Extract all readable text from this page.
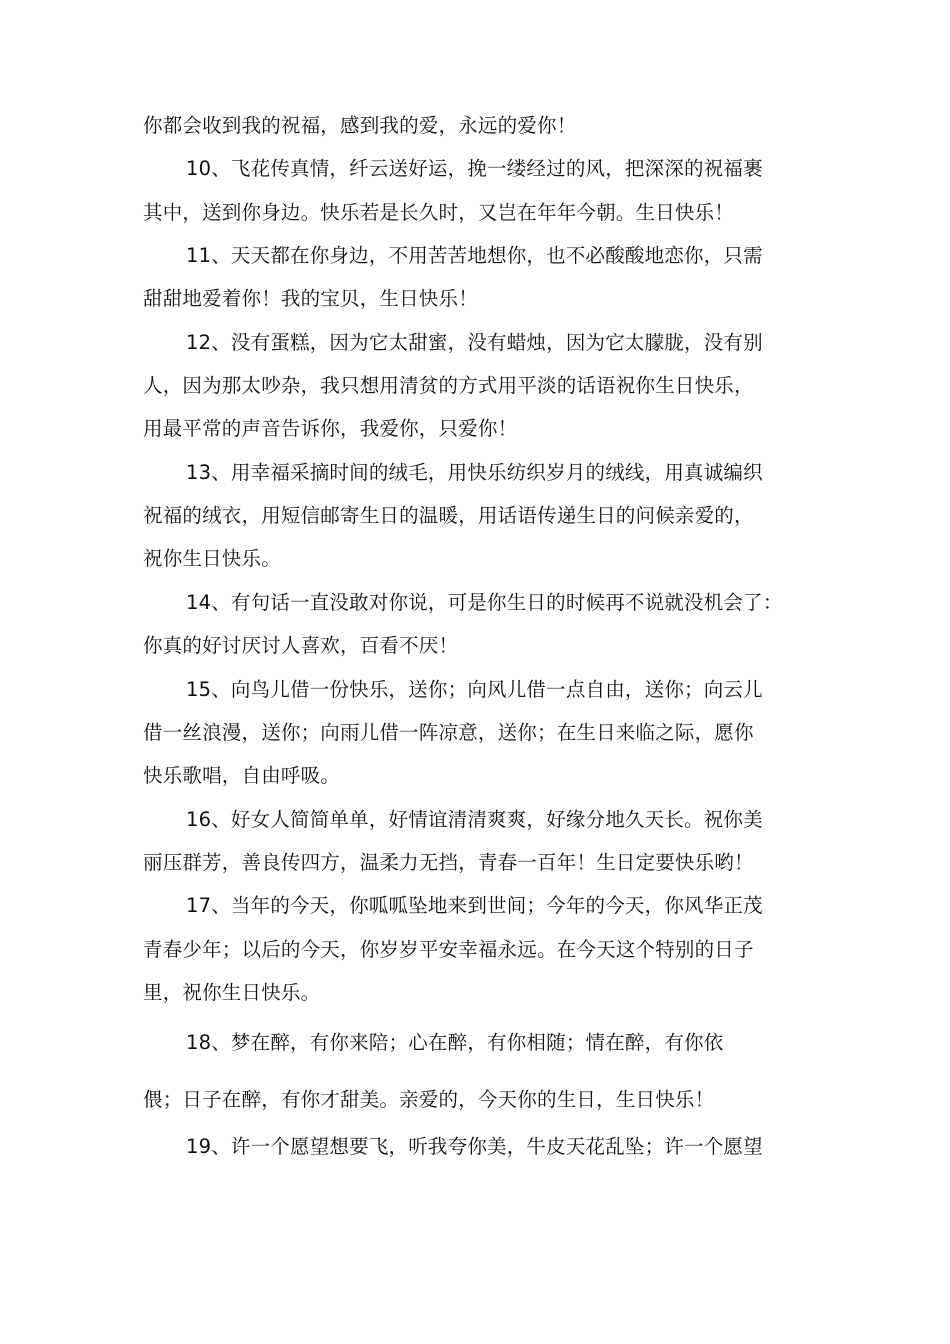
你都会收到我的祝福，感到我的爱，永远的爱你！
10、飞花传真情，纤云送好运，挽一缕经过的风，把深深的祝福裹
其中，送到你身边。快乐若是长久时，又岂在年年今朝。生日快乐！
11、天天都在你身边，不用苦苦地想你，也不必酸酸地恋你，只需
甜甜地爱着你！我的宝贝，生日快乐！
12、没有蛋糕，因为它太甜蜜，没有蜡烛，因为它太朦胧，没有别
人，因为那太吵杂，我只想用清贫的方式用平淡的话语祝你生日快乐，
用最平常的声音告诉你，我爱你，只爱你！
13、用幸福采摘时间的绒毛，用快乐纺织岁月的绒线，用真诚编织
祝福的绒衣，用短信邮寄生日的温暖，用话语传递生日的问候亲爱的，
祝你生日快乐。
14、有句话一直没敢对你说，可是你生日的时候再不说就没机会了：
你真的好讨厌讨人喜欢，百看不厌！
15、向鸟儿借一份快乐，送你；向风儿借一点自由，送你；向云儿
借一丝浪漫，送你；向雨儿借一阵凉意，送你；在生日来临之际，愿你
快乐歌唱，自由呼吸。
16、好女人简简单单，好情谊清清爽爽，好缘分地久天长。祝你美
丽压群芳，善良传四方，温柔力无挡，青春一百年！生日定要快乐哟！
17、当年的今天，你呱呱坠地来到世间；今年的今天，你风华正茂
青春少年；以后的今天，你岁岁平安幸福永远。在今天这个特别的日子
里，祝你生日快乐。
18、梦在醉，有你来陪；心在醉，有你相随；情在醉，有你依
偎；日子在醉，有你才甜美。亲爱的，今天你的生日，生日快乐！
19、许一个愿望想要飞，听我夸你美，牛皮天花乱坠；许一个愿望
